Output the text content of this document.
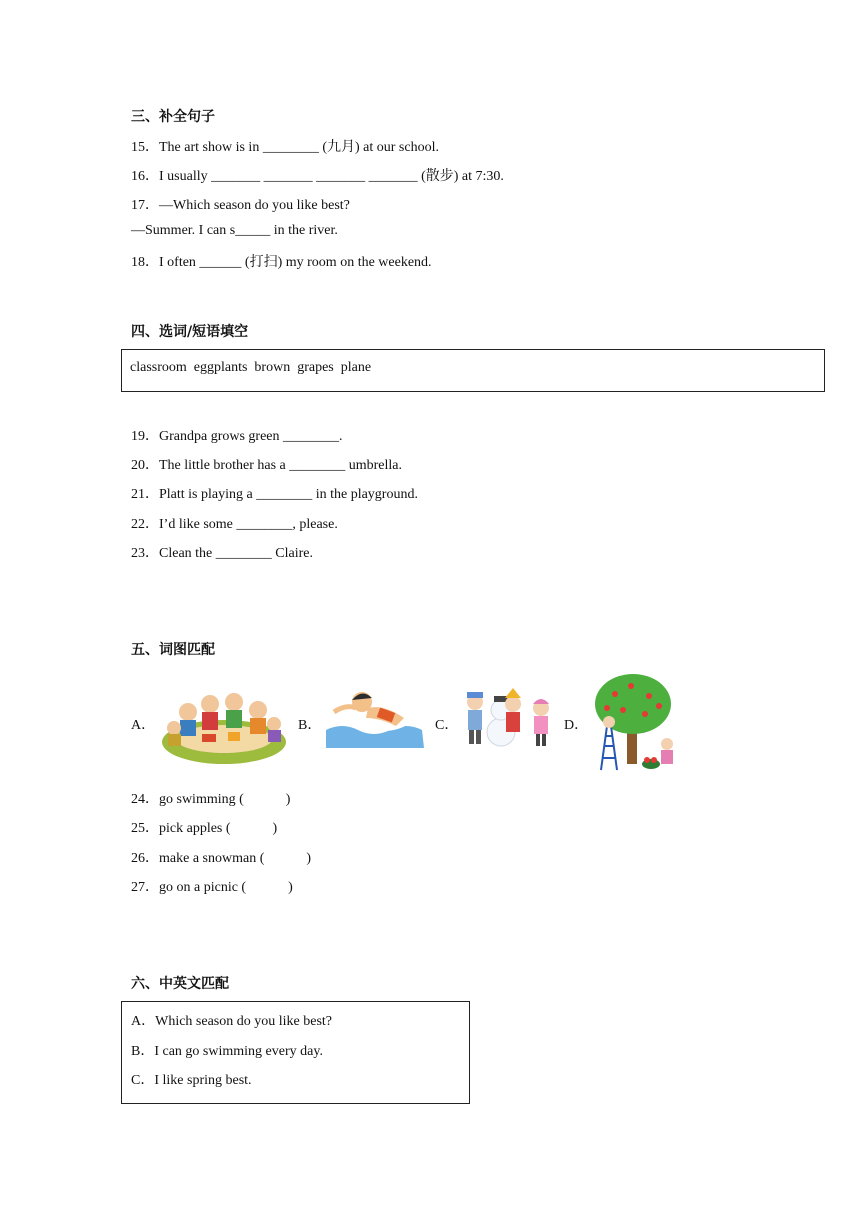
三、补全句子
15．The art show is in ________ (九月) at our school.
16．I usually _______ _______ _______ _______ (散步) at 7:30.
17．—Which season do you like best?
—Summer. I can s_____ in the river.
18．I often ______ (打扫) my room on the weekend.
四、选词/短语填空
classroom  eggplants  brown  grapes  plane
19．Grandpa grows green ________.
20．The little brother has a ________ umbrella.
21．Platt is playing a ________ in the playground.
22．I’d like some ________, please.
23．Clean the ________ Claire.
五、词图匹配
A．	B．	C．	D．
24．go swimming (　　　)
25．pick apples (　　　)
26．make a snowman (　　　)
27．go on a picnic (　　　)
六、中英文匹配
A．Which season do you like best?
B．I can go swimming every day.
C．I like spring best.
